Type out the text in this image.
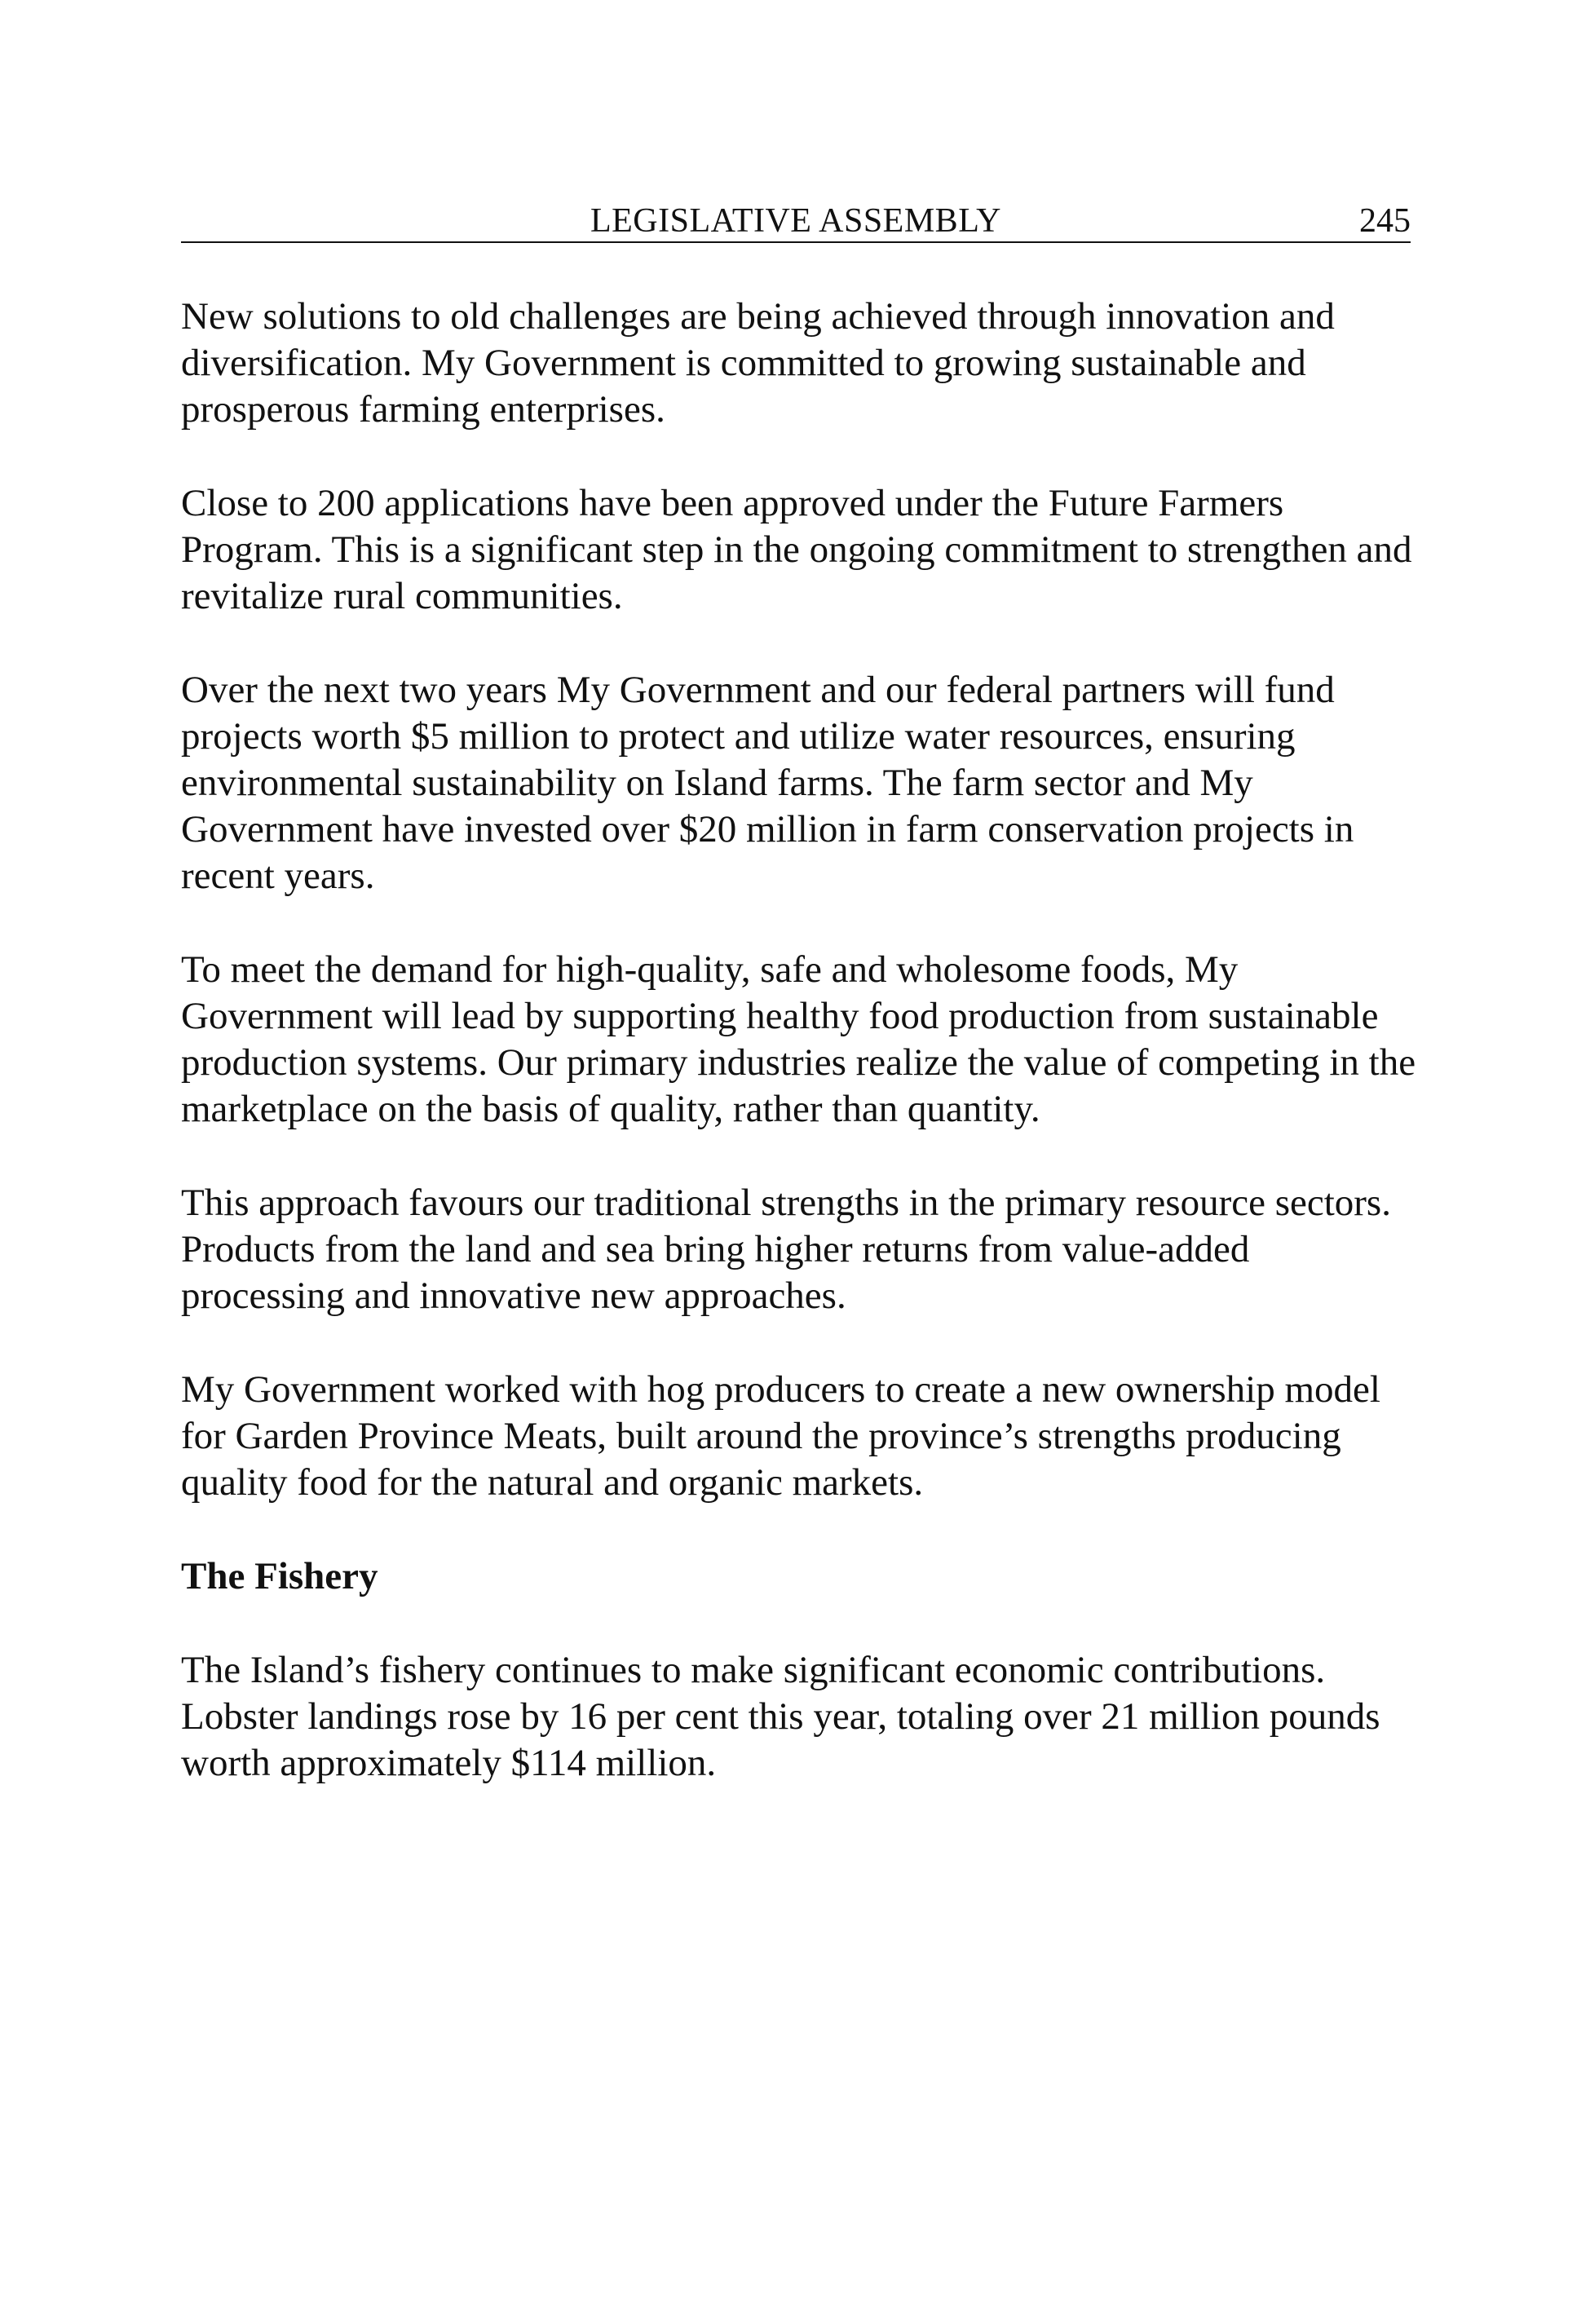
LEGISLATIVE ASSEMBLY	245

New solutions to old challenges are being achieved through innovation and diversification. My Government is committed to growing sustainable and prosperous farming enterprises.

Close to 200 applications have been approved under the Future Farmers Program. This is a significant step in the ongoing commitment to strengthen and revitalize rural communities.

Over the next two years My Government and our federal partners will fund projects worth $5 million to protect and utilize water resources, ensuring environmental sustainability on Island farms. The farm sector and My Government have invested over $20 million in farm conservation projects in recent years.

To meet the demand for high-quality, safe and wholesome foods, My Government will lead by supporting healthy food production from sustainable production systems. Our primary industries realize the value of competing in the marketplace on the basis of quality, rather than quantity.

This approach favours our traditional strengths in the primary resource sectors. Products from the land and sea bring higher returns from value-added processing and innovative new approaches.

My Government worked with hog producers to create a new ownership model for Garden Province Meats, built around the province’s strengths producing quality food for the natural and organic markets.

The Fishery

The Island’s fishery continues to make significant economic contributions. Lobster landings rose by 16 per cent this year, totaling over 21 million pounds worth approximately $114 million.
